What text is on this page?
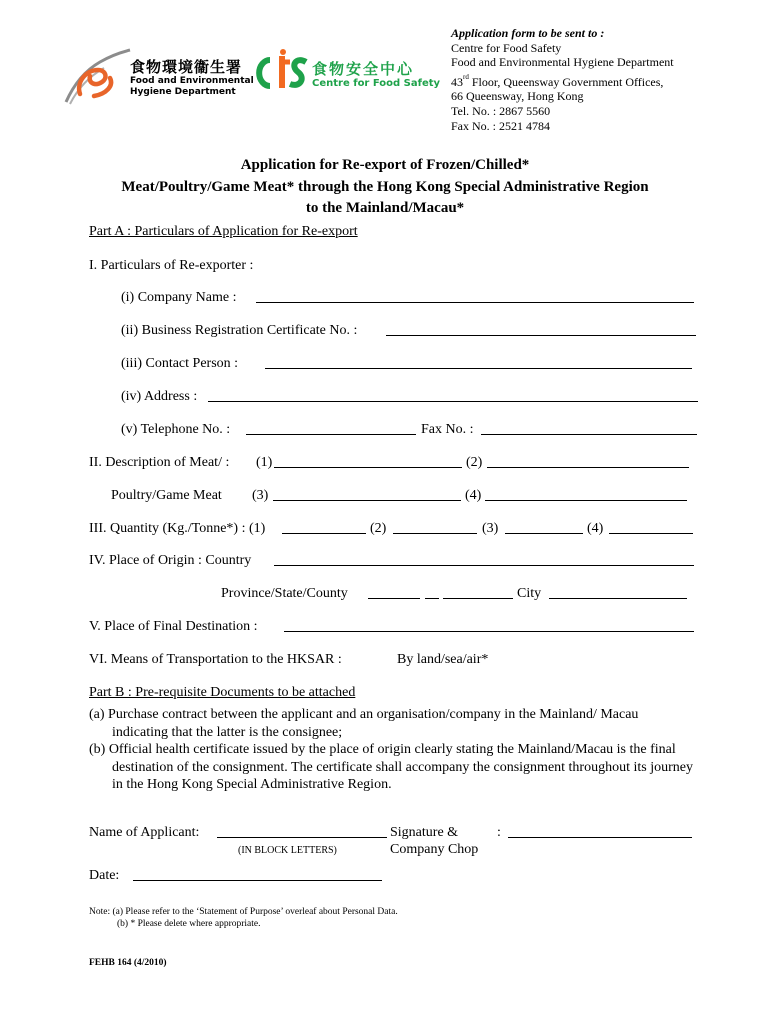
食物環境衞生署
Food and Environmental
Hygiene Department
食物安全中心
Centre for Food Safety
Application form to be sent to :
Centre for Food Safety
Food and Environmental Hygiene Department
43rd Floor, Queensway Government Offices,
66 Queensway, Hong Kong
Tel. No. : 2867 5560
Fax No. : 2521 4784
Application for Re-export of Frozen/Chilled*
Meat/Poultry/Game Meat* through the Hong Kong Special Administrative Region
to the Mainland/Macau*
Part A : Particulars of Application for Re-export
I. Particulars of Re-exporter :
(i) Company Name :
(ii) Business Registration Certificate No. :
(iii) Contact Person :
(iv) Address :
(v) Telephone No. :	Fax No. :
II. Description of Meat/ : (1)	(2)
Poultry/Game Meat (3)	(4)
III. Quantity (Kg./Tonne*) : (1)	(2)	(3)	(4)
IV. Place of Origin : Country
Province/State/County	City
V. Place of Final Destination :
VI. Means of Transportation to the HKSAR :	By land/sea/air*
Part B : Pre-requisite Documents to be attached
(a) Purchase contract between the applicant and an organisation/company in the Mainland/ Macau indicating that the latter is the consignee;
(b) Official health certificate issued by the place of origin clearly stating the Mainland/Macau is the final destination of the consignment. The certificate shall accompany the consignment throughout its journey in the Hong Kong Special Administrative Region.
Name of Applicant:
(IN BLOCK LETTERS)
Signature &
Company Chop
:
Date:
Note: (a) Please refer to the ‘Statement of Purpose’ overleaf about Personal Data.
(b) * Please delete where appropriate.
FEHB 164 (4/2010)
